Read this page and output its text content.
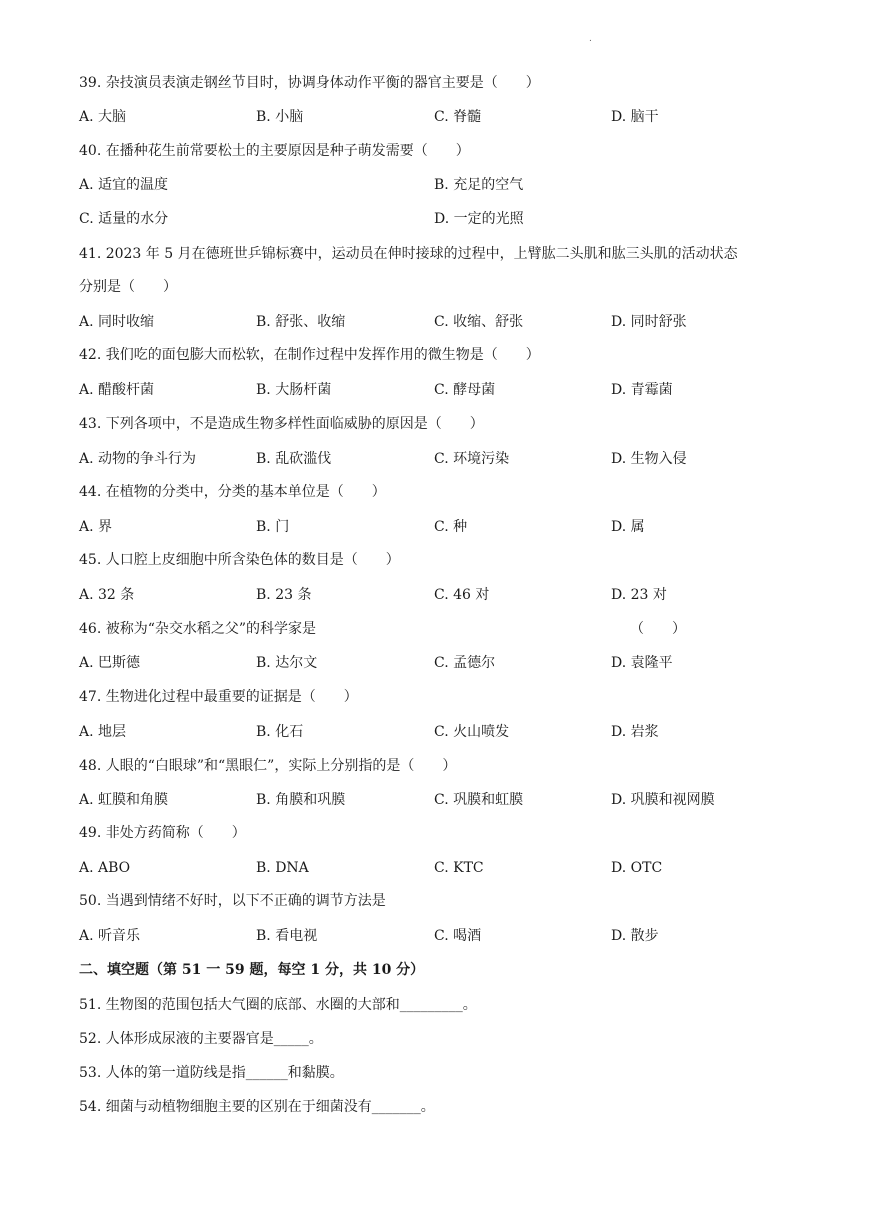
.
39. 杂技演员表演走钢丝节目时，协调身体动作平衡的器官主要是（　　）
A. 大脑	B. 小脑	C. 脊髓	D. 脑干
40. 在播种花生前常要松土的主要原因是种子萌发需要（　　）
A. 适宜的温度	B. 充足的空气
C. 适量的水分	D. 一定的光照
41. 2023 年 5 月在德班世乒锦标赛中，运动员在伸时接球的过程中，上臂肱二头肌和肱三头肌的活动状态
分别是（　　）
A. 同时收缩	B. 舒张、收缩	C. 收缩、舒张	D. 同时舒张
42. 我们吃的面包膨大而松软，在制作过程中发挥作用的微生物是（　　）
A. 醋酸杆菌	B. 大肠杆菌	C. 酵母菌	D. 青霉菌
43. 下列各项中，不是造成生物多样性面临威胁的原因是（　　）
A. 动物的争斗行为	B. 乱砍滥伐	C. 环境污染	D. 生物入侵
44. 在植物的分类中，分类的基本单位是（　　）
A. 界	B. 门	C. 种	D. 属
45. 人口腔上皮细胞中所含染色体的数目是（　　）
A. 32 条	B. 23 条	C. 46 对	D. 23 对
46. 被称为“杂交水稻之父”的科学家是	（　　）
A. 巴斯德	B. 达尔文	C. 孟德尔	D. 袁隆平
47. 生物进化过程中最重要的证据是（　　）
A. 地层	B. 化石	C. 火山喷发	D. 岩浆
48. 人眼的“白眼球”和“黑眼仁”，实际上分别指的是（　　）
A. 虹膜和角膜	B. 角膜和巩膜	C. 巩膜和虹膜	D. 巩膜和视网膜
49. 非处方药简称（　　）
A. ABO	B. DNA	C. KTC	D. OTC
50. 当遇到情绪不好时，以下不正确的调节方法是
A. 听音乐	B. 看电视	C. 喝酒	D. 散步
二、填空题（第 51 一 59 题，每空 1 分，共 10 分）
51. 生物图的范围包括大气圈的底部、水圈的大部和_________。
52. 人体形成尿液的主要器官是_____。
53. 人体的第一道防线是指______和黏膜。
54. 细菌与动植物细胞主要的区别在于细菌没有_______。
